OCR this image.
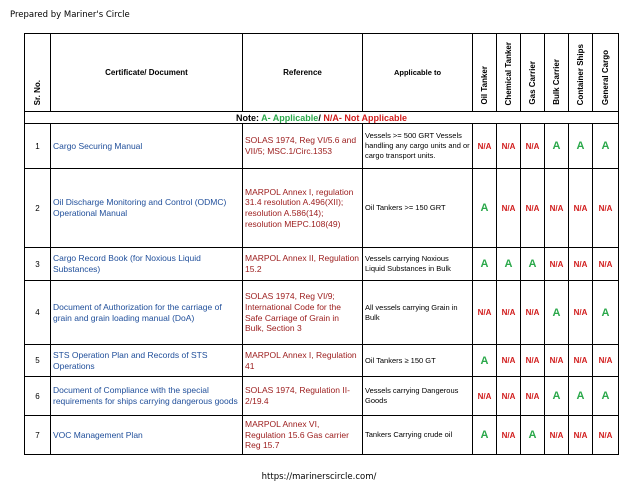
Prepared by Mariner's Circle
Sr. No.	Certificate/ Document	Reference	Applicable to	Oil Tanker	Chemical Tanker	Gas Carrier	Bulk Carrier	Container Ships	General Cargo
Note: A- Applicable/ N/A- Not Applicable									
1	Cargo Securing Manual	SOLAS 1974, Reg VI/5.6 and VII/5; MSC.1/Circ.1353	Vessels >= 500 GRT Vessels handling any cargo units and or cargo transport units.	N/A	N/A	N/A	A	A	A
2	Oil Discharge Monitoring and Control (ODMC) Operational Manual	MARPOL Annex I, regulation 31.4 resolution A.496(XII); resolution A.586(14); resolution MEPC.108(49)	Oil Tankers >= 150 GRT	A	N/A	N/A	N/A	N/A	N/A
3	Cargo Record Book (for Noxious Liquid Substances)	MARPOL Annex II, Regulation 15.2	Vessels carrying Noxious Liquid Substances in Bulk	A	A	A	N/A	N/A	N/A
4	Document of Authorization for the carriage of grain and grain loading manual (DoA)	SOLAS 1974, Reg VI/9; International Code for the Safe Carriage of Grain in Bulk, Section 3	All vessels carrying Grain in Bulk	N/A	N/A	N/A	A	N/A	A
5	STS Operation Plan and Records of STS Operations	MARPOL Annex I, Regulation 41	Oil Tankers ≥ 150 GT	A	N/A	N/A	N/A	N/A	N/A
6	Document of Compliance with the special requirements for ships carrying dangerous goods	SOLAS 1974, Regulation II-2/19.4	Vessels carrying Dangerous Goods	N/A	N/A	N/A	A	A	A
7	VOC Management Plan	MARPOL Annex VI, Regulation 15.6 Gas carrier Reg 15.7	Tankers Carrying crude oil	A	N/A	A	N/A	N/A	N/A
https://marinerscircle.com/
